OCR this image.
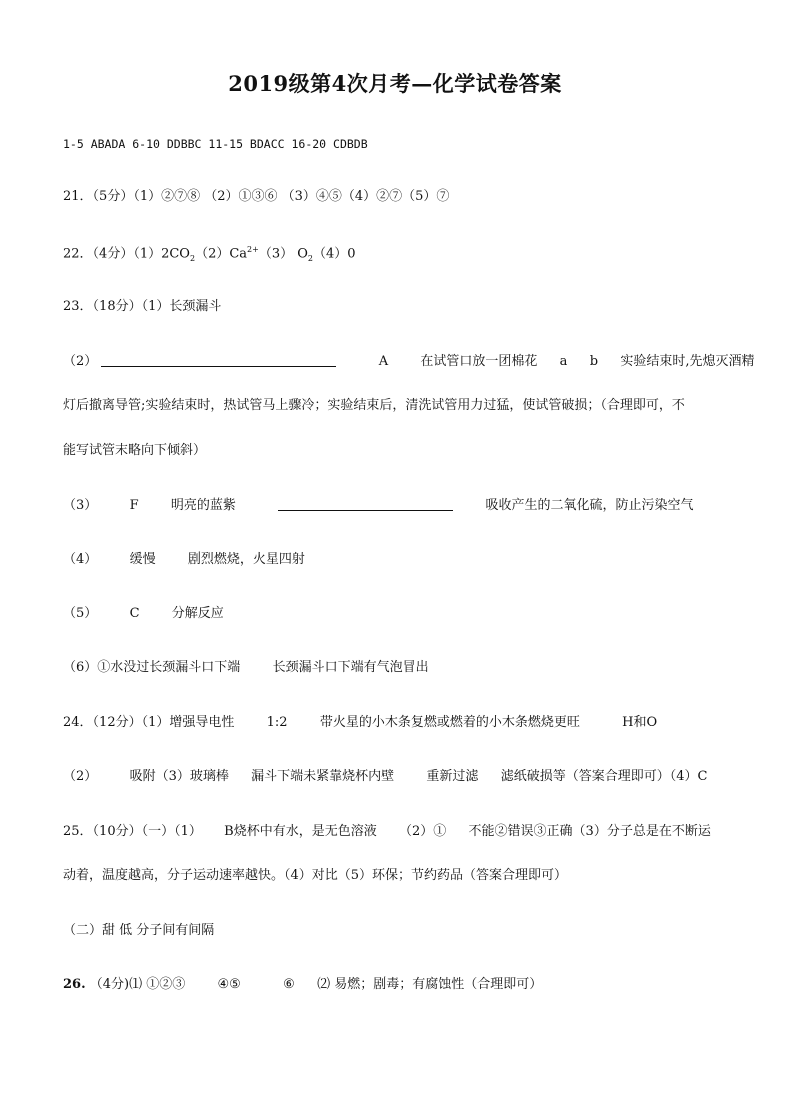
2019级第4次月考—化学试卷答案
1-5 ABADA 6-10 DDBBC 11-15 BDACC 16-20 CDBDB
21．（5分）（1）②⑦⑧ （2）①③⑥ （3）④⑤（4）②⑦（5）⑦
22．（4分）$(1)2CO_2(2)Ca^{2+}(3)$ $O_2(4)0$
23．（18分）（1）长颈漏斗
（2）	A 在试管口放一团棉花 a b 实验结束时,先熄灭酒精
灯后撤离导管;实验结束时，热试管马上骤冷；实验结束后，清洗试管用力过猛，使试管破损；（合理即可，不
能写试管末略向下倾斜）
（3） F 明亮的蓝紫	吸收产生的二氧化硫，防止污染空气
（4） 缓慢 剧烈燃烧，火星四射
（5） C 分解反应
（6）①水没过长颈漏斗口下端 长颈漏斗口下端有气泡冒出
24．（12分）（1）增强导电性 1:2 带火星的小木条复燃或燃着的小木条燃烧更旺	H和O
（2） 吸附（3）玻璃棒 漏斗下端未紧靠烧杯内壁 重新过滤 滤纸破损等（答案合理即可）（4）C
25．（10分）（一）（1） B烧杯中有水，是无色溶液 （2）① 不能②错误③正确（3）分子总是在不断运
动着，温度越高，分子运动速率越快。（4）对比（5）环保；节约药品（答案合理即可）
（二）甜 低 分子间有间隔
26. （4分)⑴ ①②③ ④⑤	⑥ ⑵ 易燃；剧毒；有腐蚀性（合理即可）
